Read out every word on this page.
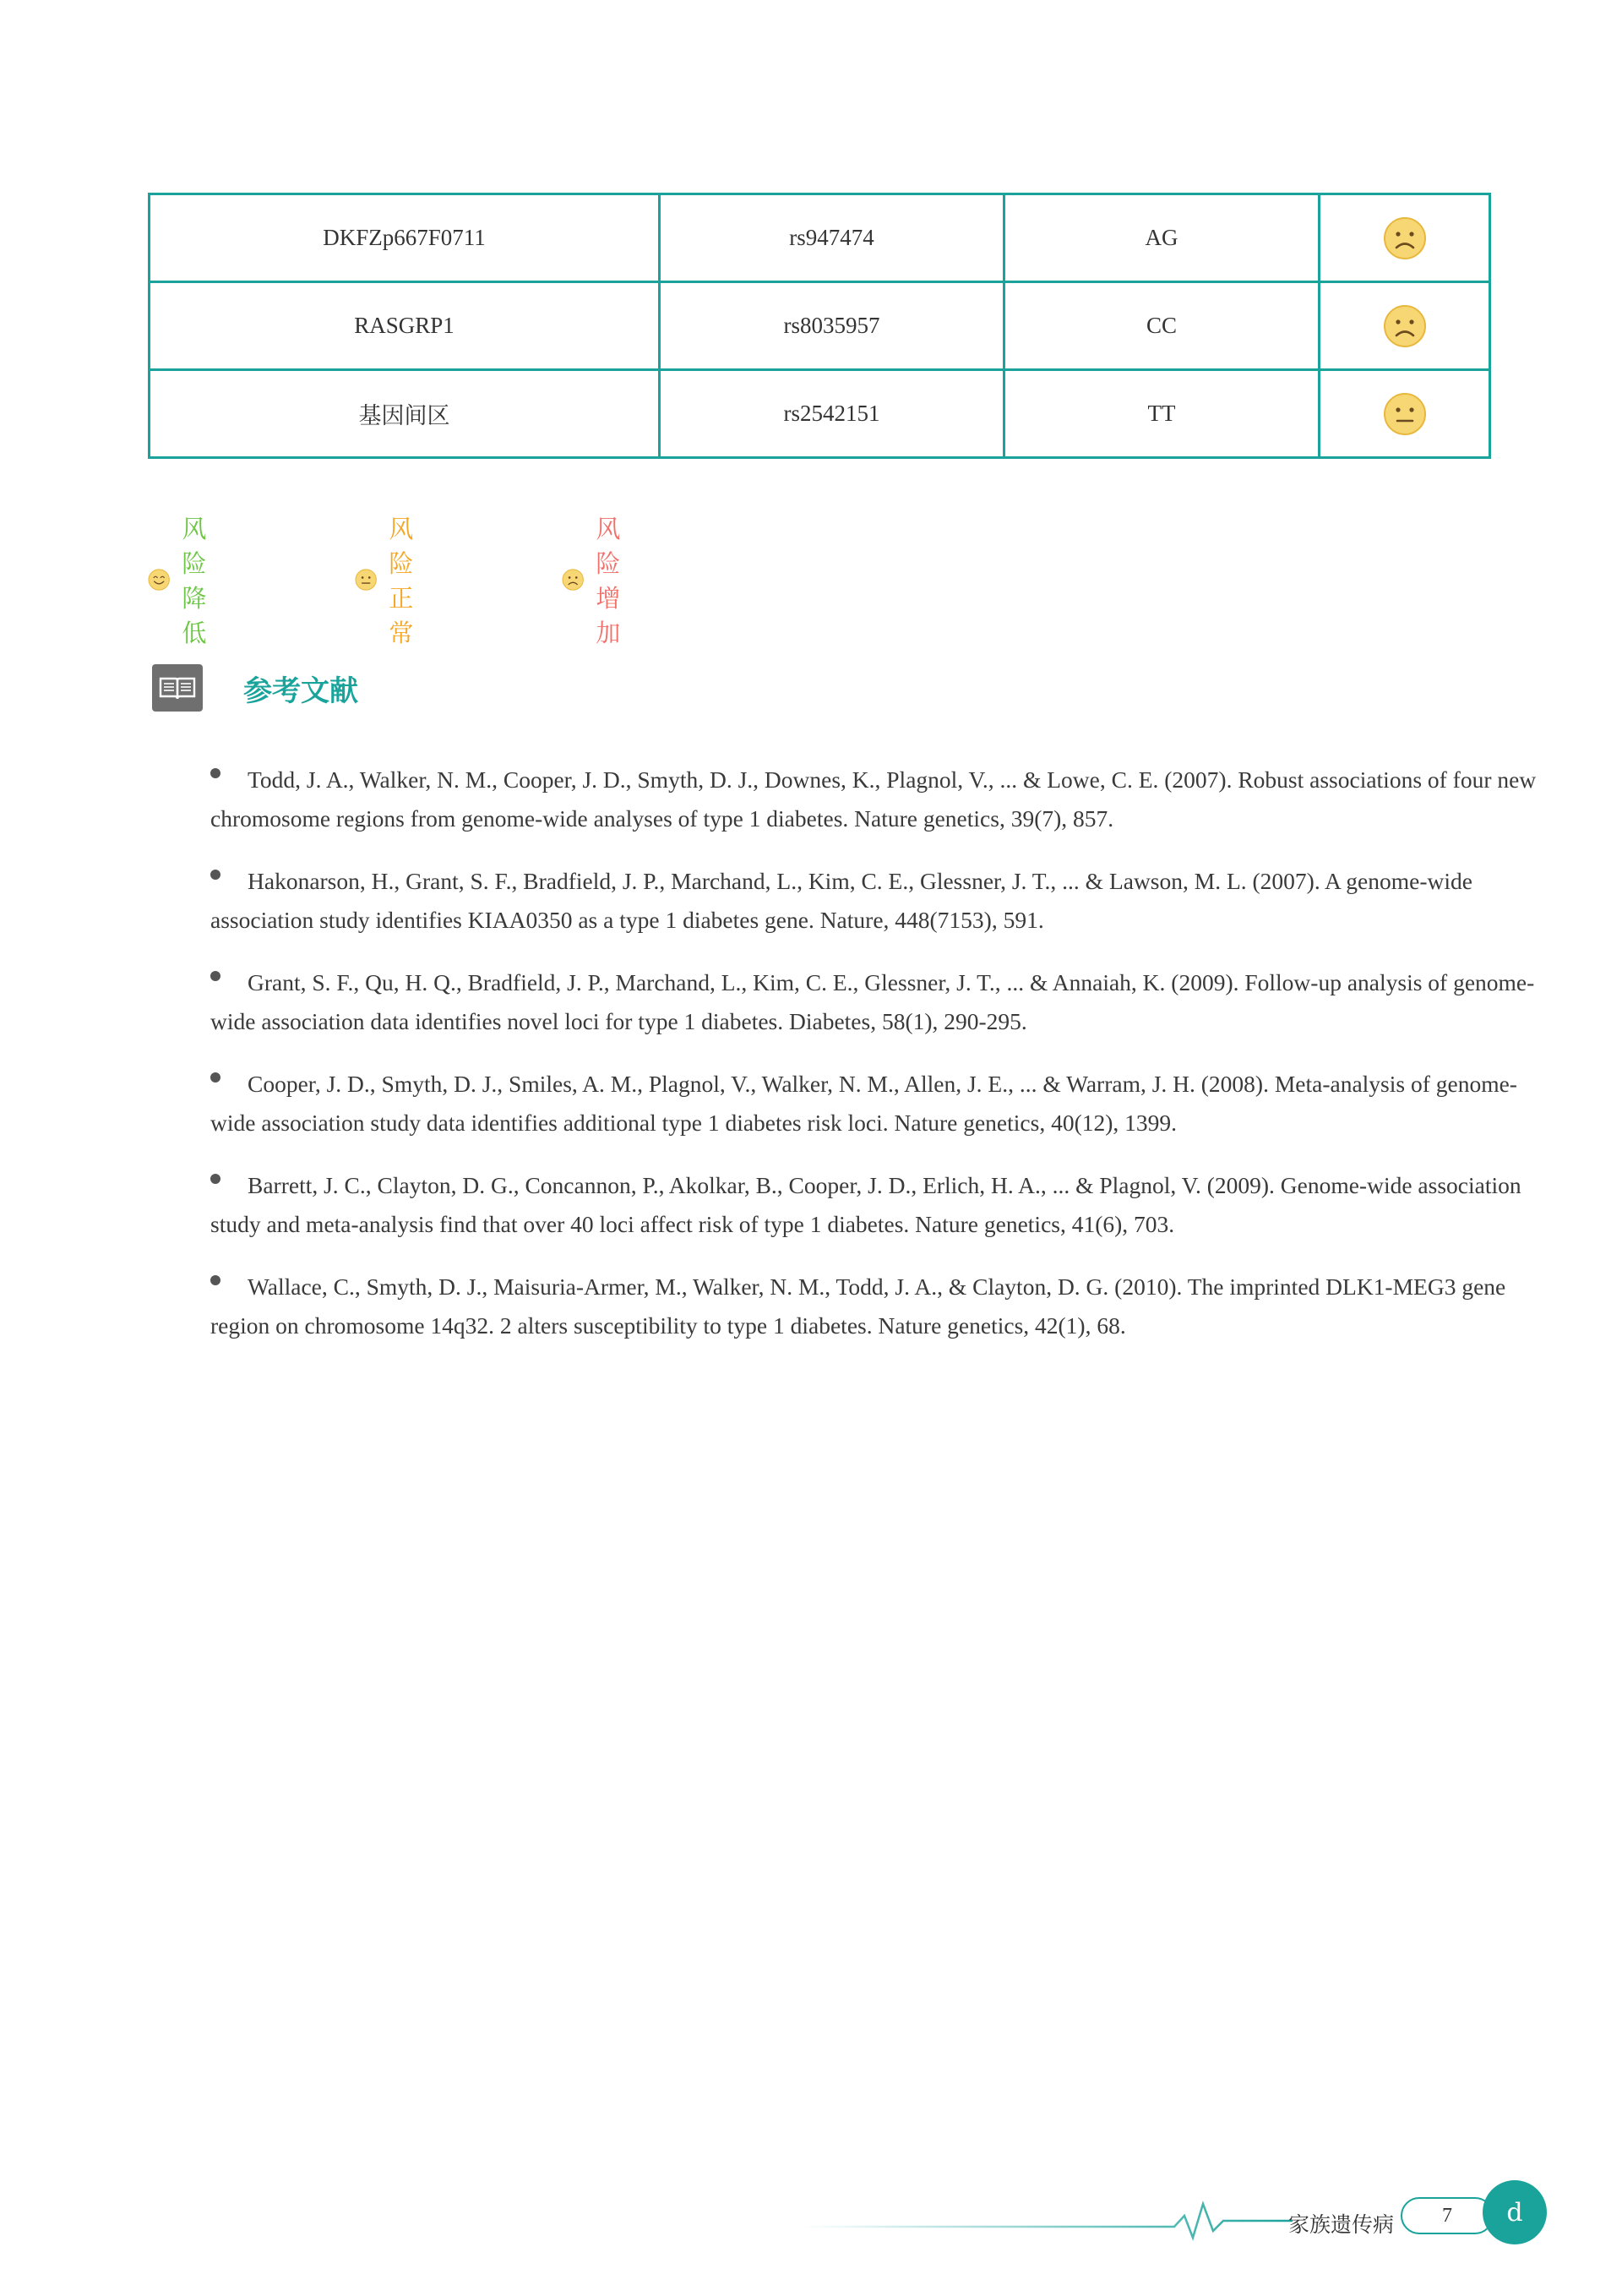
DKFZp667F0711	rs947474	AG	
RASGRP1	rs8035957	CC	
基因间区	rs2542151	TT	
风险降低
风险正常
风险增加
参考文献

Todd, J. A., Walker, N. M., Cooper, J. D., Smyth, D. J., Downes, K., Plagnol, V., ... & Lowe, C. E. (2007). Robust associations of four new chromosome regions from genome-wide analyses of type 1 diabetes. Nature genetics, 39(7), 857.

Hakonarson, H., Grant, S. F., Bradfield, J. P., Marchand, L., Kim, C. E., Glessner, J. T., ... & Lawson, M. L. (2007). A genome-wide association study identifies KIAA0350 as a type 1 diabetes gene. Nature, 448(7153), 591.

Grant, S. F., Qu, H. Q., Bradfield, J. P., Marchand, L., Kim, C. E., Glessner, J. T., ... & Annaiah, K. (2009). Follow-up analysis of genome-wide association data identifies novel loci for type 1 diabetes. Diabetes, 58(1), 290-295.

Cooper, J. D., Smyth, D. J., Smiles, A. M., Plagnol, V., Walker, N. M., Allen, J. E., ... & Warram, J. H. (2008). Meta-analysis of genome-wide association study data identifies additional type 1 diabetes risk loci. Nature genetics, 40(12), 1399.

Barrett, J. C., Clayton, D. G., Concannon, P., Akolkar, B., Cooper, J. D., Erlich, H. A., ... & Plagnol, V. (2009). Genome-wide association study and meta-analysis find that over 40 loci affect risk of type 1 diabetes. Nature genetics, 41(6), 703.

Wallace, C., Smyth, D. J., Maisuria-Armer, M., Walker, N. M., Todd, J. A., & Clayton, D. G. (2010). The imprinted DLK1-MEG3 gene region on chromosome 14q32. 2 alters susceptibility to type 1 diabetes. Nature genetics, 42(1), 68.

家族遗传病	7	d
